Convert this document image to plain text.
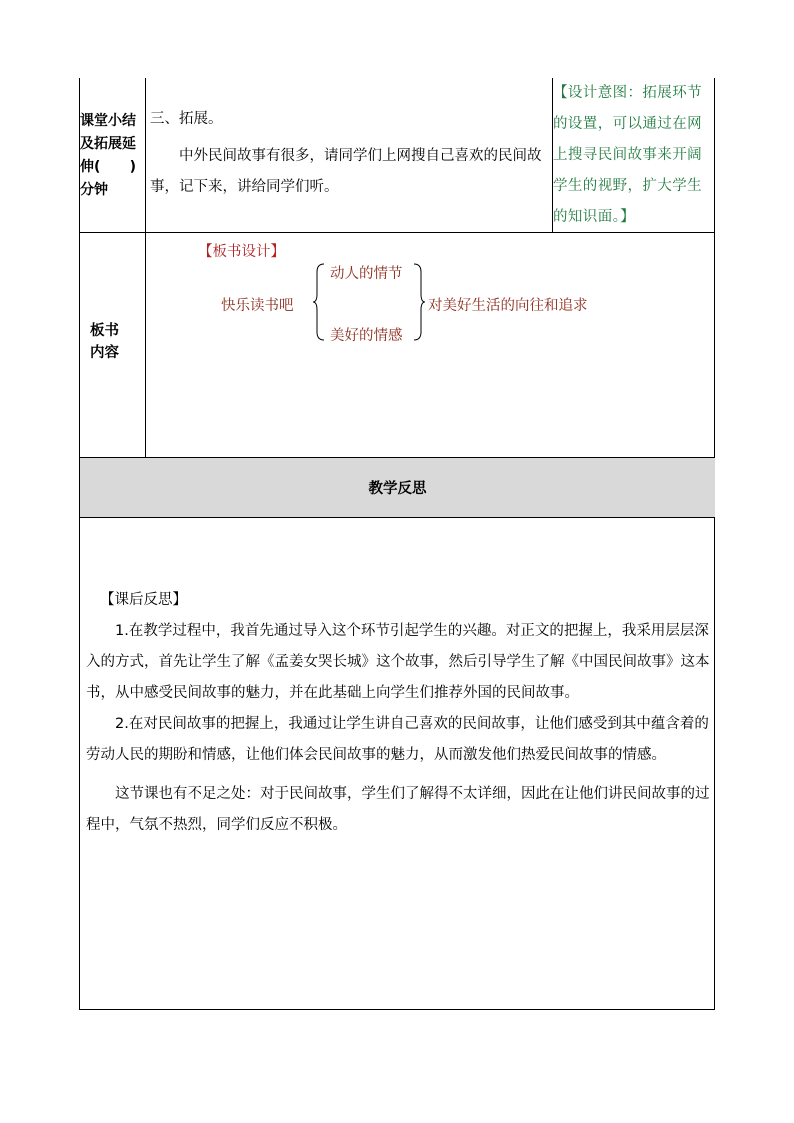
课堂小结
及拓展延
伸(      )
分钟

三、拓展。

中外民间故事有很多，请同学们上网搜自己喜欢的民间故事，记下来，讲给同学们听。

【设计意图：拓展环节的设置，可以通过在网上搜寻民间故事来开阔学生的视野，扩大学生的知识面。】
板书
内容
【板书设计】
快乐读书吧
动人的情节
美好的情感
对美好生活的向往和追求
教学反思

【课后反思】

1.在教学过程中，我首先通过导入这个环节引起学生的兴趣。对正文的把握上，我采用层层深入的方式，首先让学生了解《孟姜女哭长城》这个故事，然后引导学生了解《中国民间故事》这本书，从中感受民间故事的魅力，并在此基础上向学生们推荐外国的民间故事。

2.在对民间故事的把握上，我通过让学生讲自己喜欢的民间故事，让他们感受到其中蕴含着的劳动人民的期盼和情感，让他们体会民间故事的魅力，从而激发他们热爱民间故事的情感。

这节课也有不足之处：对于民间故事，学生们了解得不太详细，因此在让他们讲民间故事的过程中，气氛不热烈，同学们反应不积极。
